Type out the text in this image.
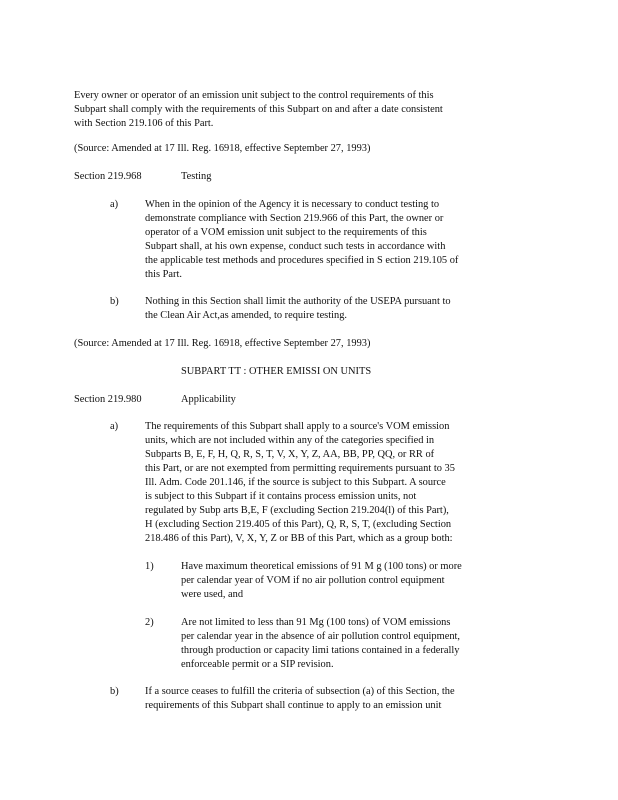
Every owner or operator of an emission unit subject to the control requirements of this
Subpart shall comply with the requirements of this Subpart on and after a date consistent
with Section 219.106 of this Part.
(Source: Amended at 17 Ill. Reg. 16918, effective September 27, 1993)
Section 219.968	Testing
a)	When in the opinion of the Agency it is necessary to conduct testing to
demonstrate compliance with Section 219.966 of this Part, the owner or
operator of a VOM emission unit subject to the requirements of this
Subpart shall, at his own expense, conduct such tests in accordance with
the applicable test methods and procedures specified in S ection 219.105 of
this Part.
b)	Nothing in this Section shall limit the authority of the USEPA pursuant to
the Clean Air Act,as amended, to require testing.
(Source: Amended at 17 Ill. Reg. 16918, effective September 27, 1993)
SUBPART TT : OTHER EMISSI ON UNITS
Section 219.980	Applicability
a)	The requirements of this Subpart shall apply to a source's VOM emission
units, which are not included within any of the categories specified in
Subparts B, E, F, H, Q, R, S, T, V, X, Y, Z, AA, BB, PP, QQ, or RR of
this Part, or are not exempted from permitting requirements pursuant to 35
Ill. Adm. Code 201.146, if the source is subject to this Subpart. A source
is subject to this Subpart if it contains process emission units, not
regulated by Subp arts B,E, F (excluding Section 219.204(l) of this Part),
H (excluding Section 219.405 of this Part), Q, R, S, T, (excluding Section
218.486 of this Part), V, X, Y, Z or BB of this Part, which as a group both:
1)	Have maximum theoretical emissions of 91 M g (100 tons) or more
per calendar year of VOM if no air pollution control equipment
were used, and
2)	Are not limited to less than 91 Mg (100 tons) of VOM emissions
per calendar year in the absence of air pollution control equipment,
through production or capacity limi tations contained in a federally
enforceable permit or a SIP revision.
b)	If a source ceases to fulfill the criteria of subsection (a) of this Section, the
requirements of this Subpart shall continue to apply to an emission unit
